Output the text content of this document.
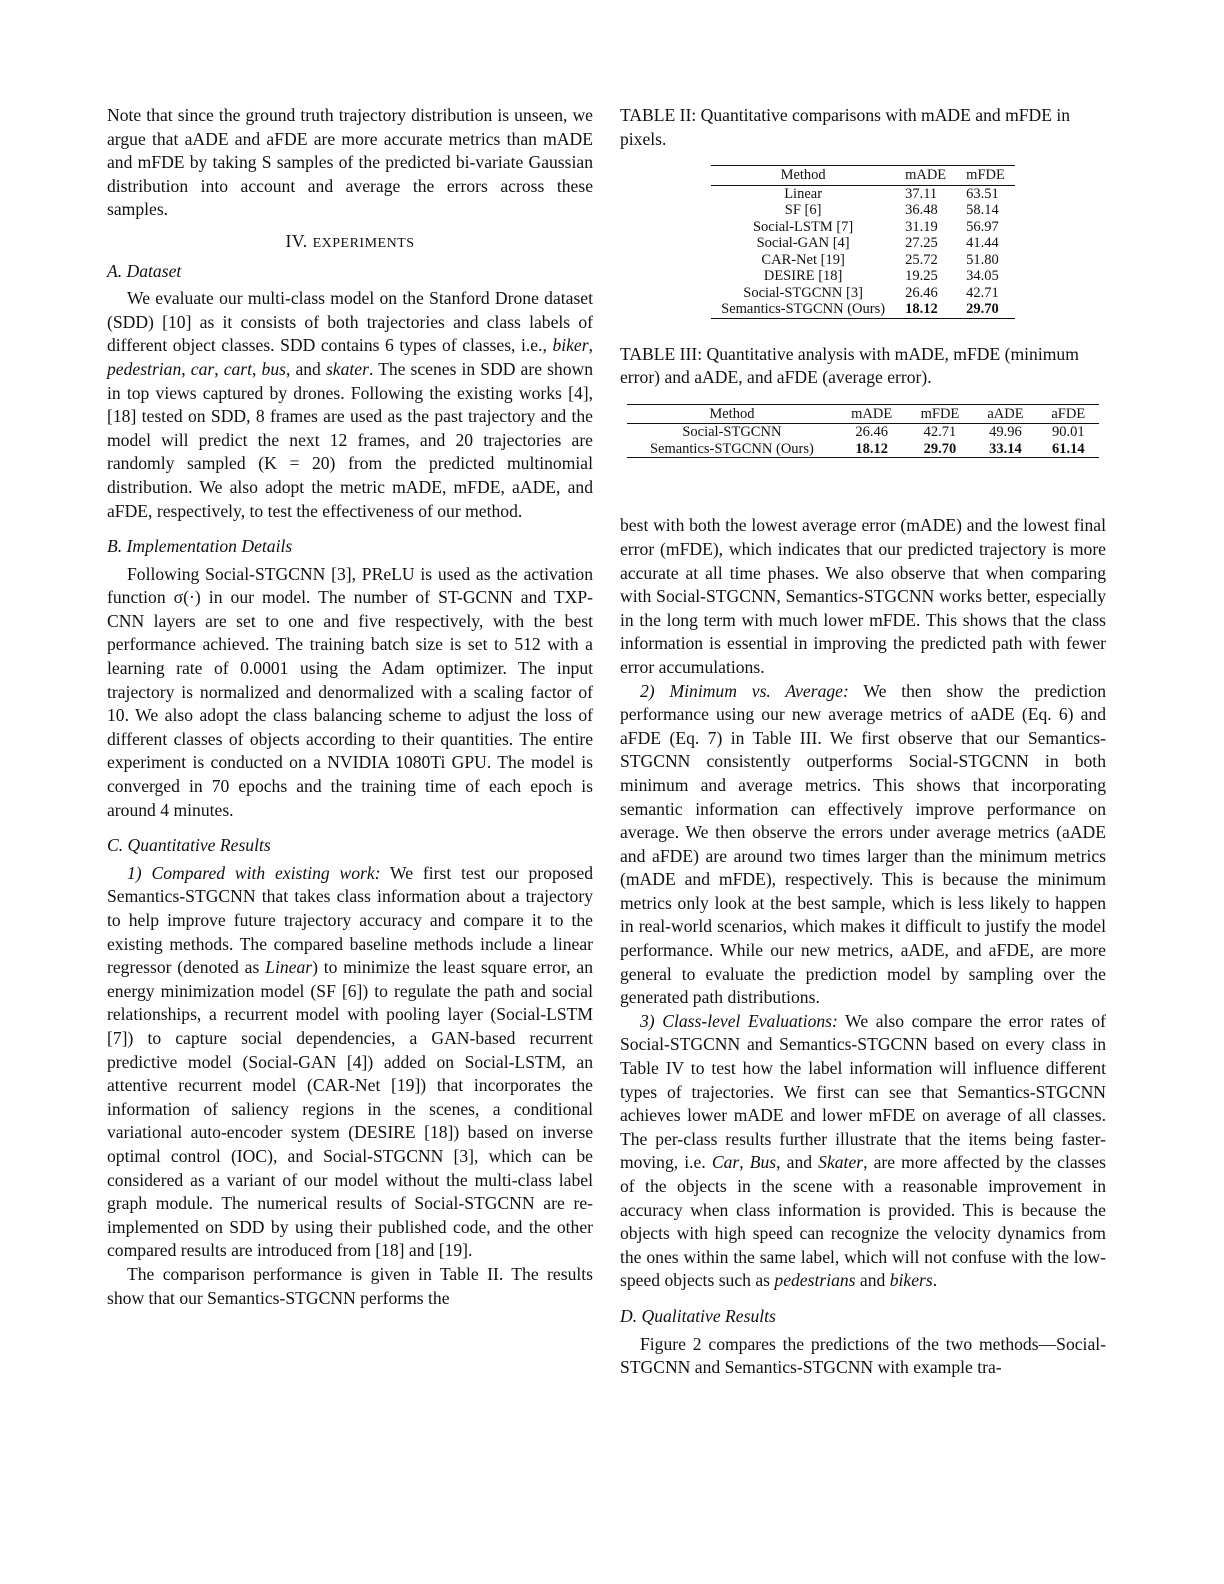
Note that since the ground truth trajectory distribution is unseen, we argue that aADE and aFDE are more accurate metrics than mADE and mFDE by taking S samples of the predicted bi-variate Gaussian distribution into account and average the errors across these samples.

IV. EXPERIMENTS
A. Dataset

We evaluate our multi-class model on the Stanford Drone dataset (SDD) [10] as it consists of both trajectories and class labels of different object classes. SDD contains 6 types of classes, i.e., biker, pedestrian, car, cart, bus, and skater. The scenes in SDD are shown in top views captured by drones. Following the existing works [4], [18] tested on SDD, 8 frames are used as the past trajectory and the model will predict the next 12 frames, and 20 trajectories are randomly sampled (K = 20) from the predicted multinomial distribution. We also adopt the metric mADE, mFDE, aADE, and aFDE, respectively, to test the effectiveness of our method.

B. Implementation Details

Following Social-STGCNN [3], PReLU is used as the activation function σ(·) in our model. The number of ST-GCNN and TXP-CNN layers are set to one and five respectively, with the best performance achieved. The training batch size is set to 512 with a learning rate of 0.0001 using the Adam optimizer. The input trajectory is normalized and denormalized with a scaling factor of 10. We also adopt the class balancing scheme to adjust the loss of different classes of objects according to their quantities. The entire experiment is conducted on a NVIDIA 1080Ti GPU. The model is converged in 70 epochs and the training time of each epoch is around 4 minutes.

C. Quantitative Results

1) Compared with existing work: We first test our proposed Semantics-STGCNN that takes class information about a trajectory to help improve future trajectory accuracy and compare it to the existing methods. The compared baseline methods include a linear regressor (denoted as Linear) to minimize the least square error, an energy minimization model (SF [6]) to regulate the path and social relationships, a recurrent model with pooling layer (Social-LSTM [7]) to capture social dependencies, a GAN-based recurrent predictive model (Social-GAN [4]) added on Social-LSTM, an attentive recurrent model (CAR-Net [19]) that incorporates the information of saliency regions in the scenes, a conditional variational auto-encoder system (DESIRE [18]) based on inverse optimal control (IOC), and Social-STGCNN [3], which can be considered as a variant of our model without the multi-class label graph module. The numerical results of Social-STGCNN are re-implemented on SDD by using their published code, and the other compared results are introduced from [18] and [19].

The comparison performance is given in Table II. The results show that our Semantics-STGCNN performs the

TABLE II: Quantitative comparisons with mADE and mFDE in pixels.

Method	mADE	mFDE
Linear	37.11	63.51
SF [6]	36.48	58.14
Social-LSTM [7]	31.19	56.97
Social-GAN [4]	27.25	41.44
CAR-Net [19]	25.72	51.80
DESIRE [18]	19.25	34.05
Social-STGCNN [3]	26.46	42.71
Semantics-STGCNN (Ours)	18.12	29.70

TABLE III: Quantitative analysis with mADE, mFDE (minimum error) and aADE, and aFDE (average error).

Method	mADE	mFDE	aADE	aFDE
Social-STGCNN	26.46	42.71	49.96	90.01
Semantics-STGCNN (Ours)	18.12	29.70	33.14	61.14

best with both the lowest average error (mADE) and the lowest final error (mFDE), which indicates that our predicted trajectory is more accurate at all time phases. We also observe that when comparing with Social-STGCNN, Semantics-STGCNN works better, especially in the long term with much lower mFDE. This shows that the class information is essential in improving the predicted path with fewer error accumulations.

2) Minimum vs. Average: We then show the prediction performance using our new average metrics of aADE (Eq. 6) and aFDE (Eq. 7) in Table III. We first observe that our Semantics-STGCNN consistently outperforms Social-STGCNN in both minimum and average metrics. This shows that incorporating semantic information can effectively improve performance on average. We then observe the errors under average metrics (aADE and aFDE) are around two times larger than the minimum metrics (mADE and mFDE), respectively. This is because the minimum metrics only look at the best sample, which is less likely to happen in real-world scenarios, which makes it difficult to justify the model performance. While our new metrics, aADE, and aFDE, are more general to evaluate the prediction model by sampling over the generated path distributions.

3) Class-level Evaluations: We also compare the error rates of Social-STGCNN and Semantics-STGCNN based on every class in Table IV to test how the label information will influence different types of trajectories. We first can see that Semantics-STGCNN achieves lower mADE and lower mFDE on average of all classes. The per-class results further illustrate that the items being faster-moving, i.e. Car, Bus, and Skater, are more affected by the classes of the objects in the scene with a reasonable improvement in accuracy when class information is provided. This is because the objects with high speed can recognize the velocity dynamics from the ones within the same label, which will not confuse with the low-speed objects such as pedestrians and bikers.

D. Qualitative Results

Figure 2 compares the predictions of the two methods—Social-STGCNN and Semantics-STGCNN with example tra-
